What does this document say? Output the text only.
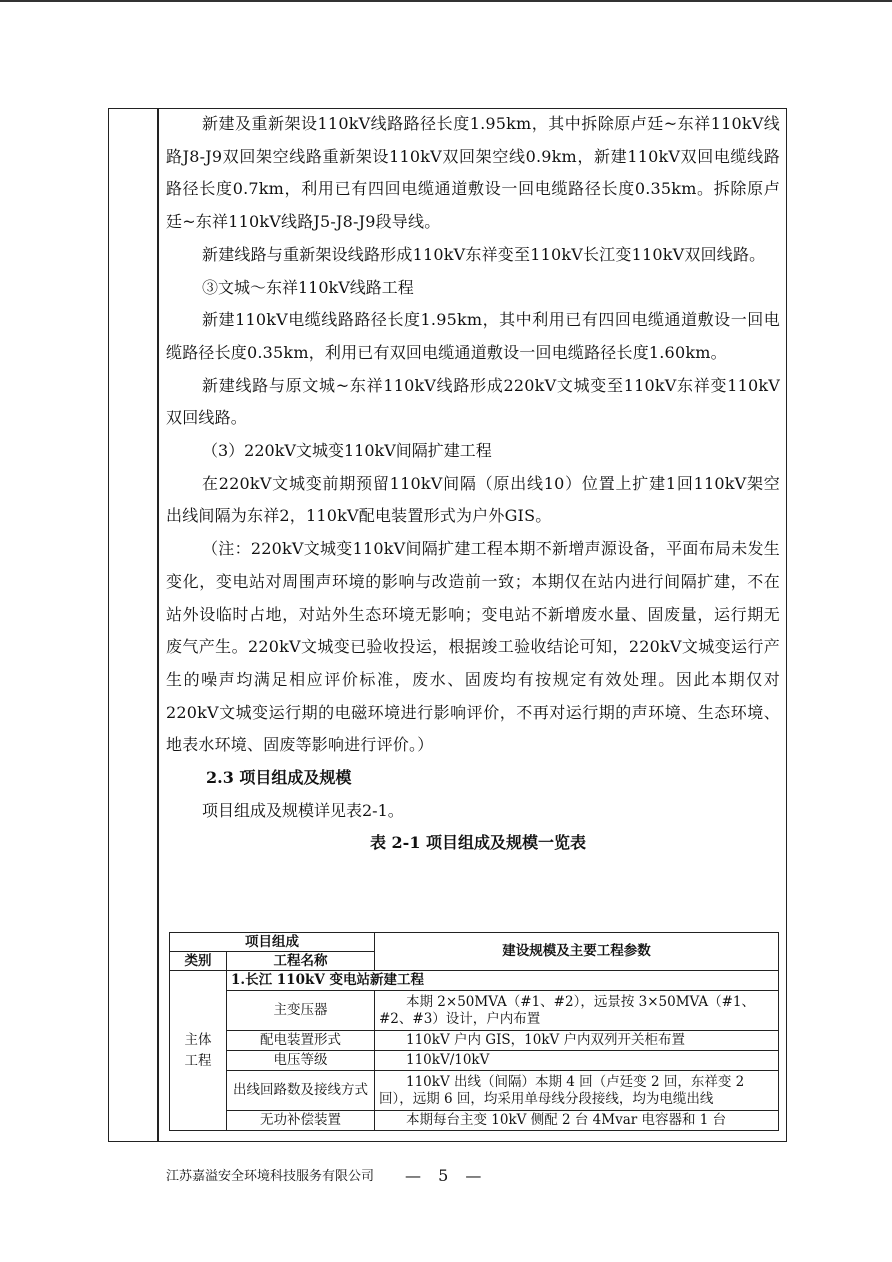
新建及重新架设110kV线路路径长度1.95km，其中拆除原卢廷~东祥110kV线路J8-J9双回架空线路重新架设110kV双回架空线0.9km，新建110kV双回电缆线路路径长度0.7km，利用已有四回电缆通道敷设一回电缆路径长度0.35km。拆除原卢廷~东祥110kV线路J5-J8-J9段导线。

新建线路与重新架设线路形成110kV东祥变至110kV长江变110kV双回线路。

③文城～东祥110kV线路工程

新建110kV电缆线路路径长度1.95km，其中利用已有四回电缆通道敷设一回电缆路径长度0.35km，利用已有双回电缆通道敷设一回电缆路径长度1.60km。

新建线路与原文城~东祥110kV线路形成220kV文城变至110kV东祥变110kV双回线路。

（3）220kV文城变110kV间隔扩建工程

在220kV文城变前期预留110kV间隔（原出线10）位置上扩建1回110kV架空出线间隔为东祥2，110kV配电装置形式为户外GIS。

（注：220kV文城变110kV间隔扩建工程本期不新增声源设备，平面布局未发生变化，变电站对周围声环境的影响与改造前一致；本期仅在站内进行间隔扩建，不在站外设临时占地，对站外生态环境无影响；变电站不新增废水量、固废量，运行期无废气产生。220kV文城变已验收投运，根据竣工验收结论可知，220kV文城变运行产生的噪声均满足相应评价标准，废水、固废均有按规定有效处理。因此本期仅对220kV文城变运行期的电磁环境进行影响评价，不再对运行期的声环境、生态环境、地表水环境、固废等影响进行评价。）

2.3 项目组成及规模

项目组成及规模详见表2-1。

表 2-1 项目组成及规模一览表

项目组成		建设规模及主要工程参数
类别	工程名称	
主体工程	1.长江 110kV 变电站新建工程	
	主变压器	本期 2×50MVA（#1、#2），远景按 3×50MVA（#1、#2、#3）设计，户内布置
	配电装置形式	110kV 户内 GIS，10kV 户内双列开关柜布置
	电压等级	110kV/10kV
	出线回路数及接线方式	110kV 出线（间隔）本期 4 回（卢廷变 2 回，东祥变 2 回），远期 6 回，均采用单母线分段接线，均为电缆出线
	无功补偿装置	本期每台主变 10kV 侧配 2 台 4Mvar 电容器和 1 台
江苏嘉溢安全环境科技服务有限公司 — 5 —
